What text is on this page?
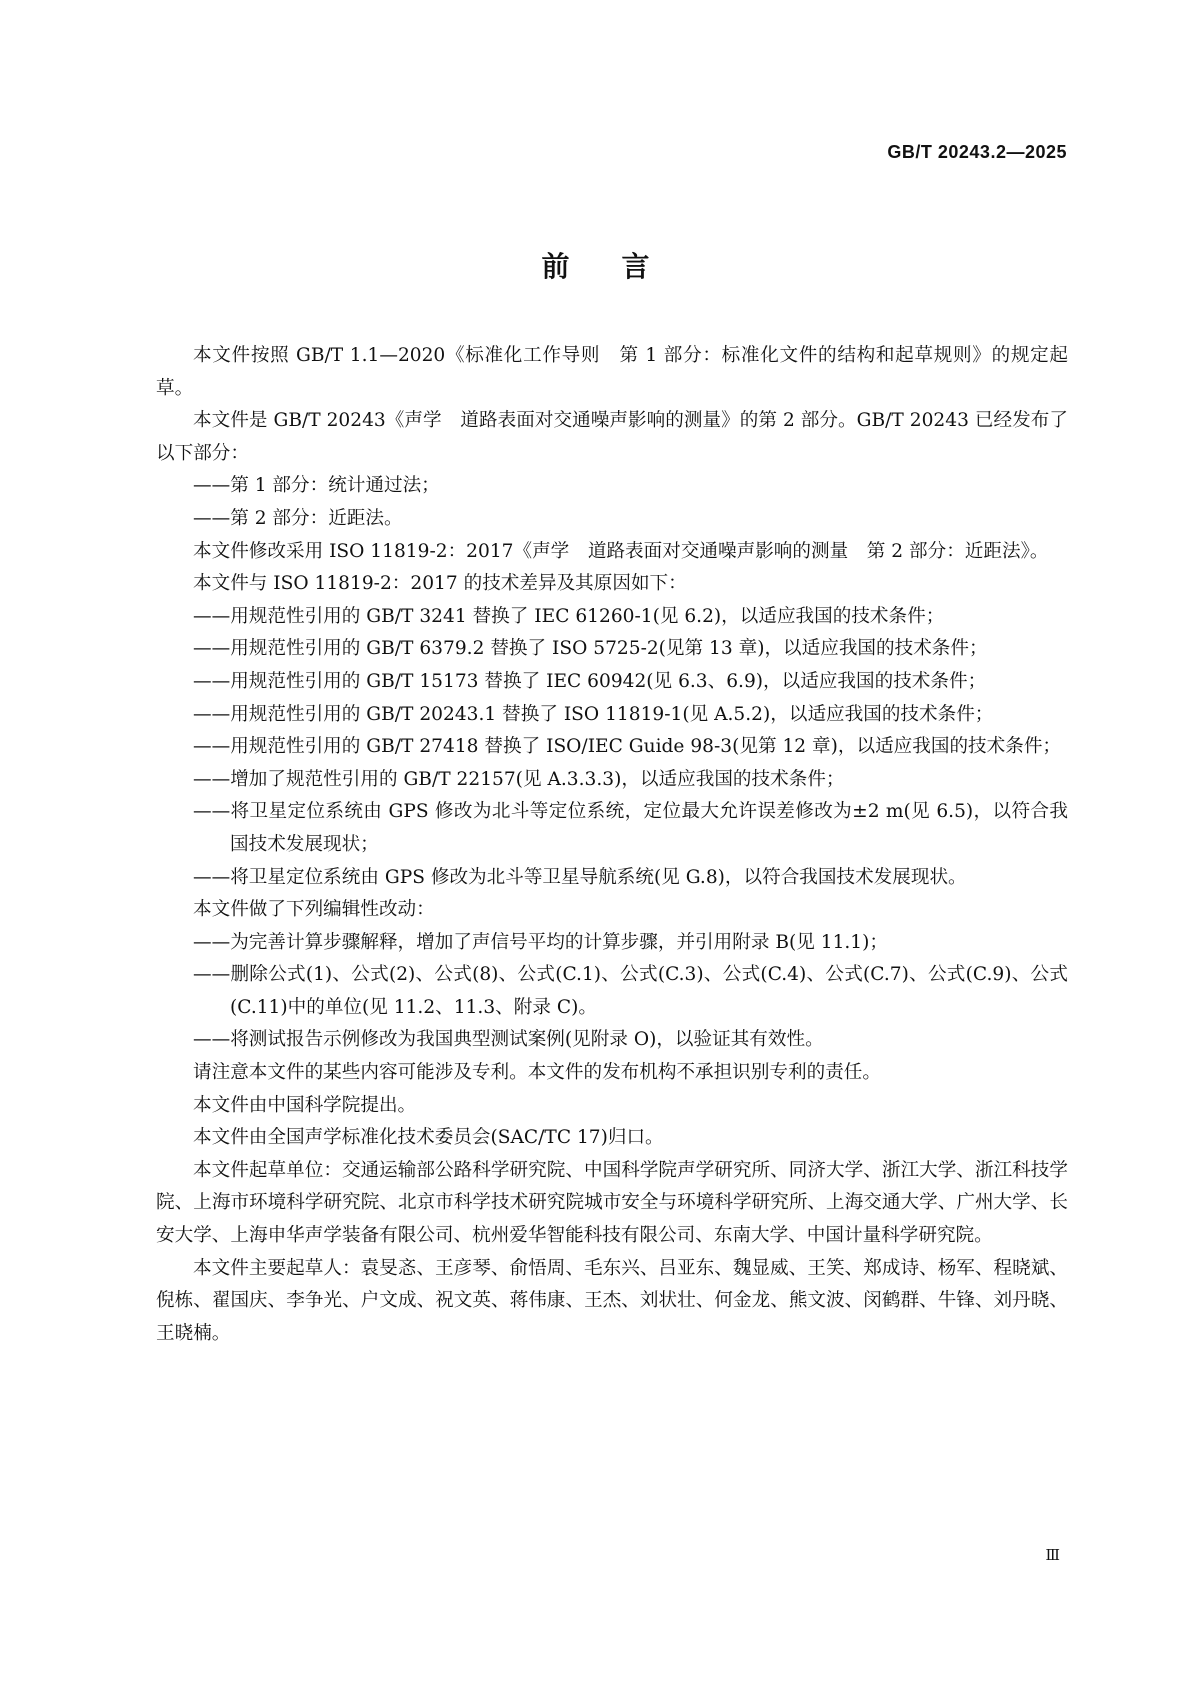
GB/T 20243.2—2025
前言
本文件按照 GB/T 1.1—2020《标准化工作导则　第 1 部分：标准化文件的结构和起草规则》的规定起草。
本文件是 GB/T 20243《声学　道路表面对交通噪声影响的测量》的第 2 部分。GB/T 20243 已经发布了以下部分：
——第 1 部分：统计通过法；
——第 2 部分：近距法。
本文件修改采用 ISO 11819-2：2017《声学　道路表面对交通噪声影响的测量　第 2 部分：近距法》。
本文件与 ISO 11819-2：2017 的技术差异及其原因如下：
——用规范性引用的 GB/T 3241 替换了 IEC 61260-1(见 6.2)，以适应我国的技术条件；
——用规范性引用的 GB/T 6379.2 替换了 ISO 5725-2(见第 13 章)，以适应我国的技术条件；
——用规范性引用的 GB/T 15173 替换了 IEC 60942(见 6.3、6.9)，以适应我国的技术条件；
——用规范性引用的 GB/T 20243.1 替换了 ISO 11819-1(见 A.5.2)，以适应我国的技术条件；
——用规范性引用的 GB/T 27418 替换了 ISO/IEC Guide 98-3(见第 12 章)，以适应我国的技术条件；
——增加了规范性引用的 GB/T 22157(见 A.3.3.3)，以适应我国的技术条件；
——将卫星定位系统由 GPS 修改为北斗等定位系统，定位最大允许误差修改为±2 m(见 6.5)，以符合我国技术发展现状；
——将卫星定位系统由 GPS 修改为北斗等卫星导航系统(见 G.8)，以符合我国技术发展现状。
本文件做了下列编辑性改动：
——为完善计算步骤解释，增加了声信号平均的计算步骤，并引用附录 B(见 11.1)；
——删除公式(1)、公式(2)、公式(8)、公式(C.1)、公式(C.3)、公式(C.4)、公式(C.7)、公式(C.9)、公式(C.11)中的单位(见 11.2、11.3、附录 C)。
——将测试报告示例修改为我国典型测试案例(见附录 O)，以验证其有效性。
请注意本文件的某些内容可能涉及专利。本文件的发布机构不承担识别专利的责任。
本文件由中国科学院提出。
本文件由全国声学标准化技术委员会(SAC/TC 17)归口。
本文件起草单位：交通运输部公路科学研究院、中国科学院声学研究所、同济大学、浙江大学、浙江科技学院、上海市环境科学研究院、北京市科学技术研究院城市安全与环境科学研究所、上海交通大学、广州大学、长安大学、上海申华声学装备有限公司、杭州爱华智能科技有限公司、东南大学、中国计量科学研究院。
本文件主要起草人：袁旻忞、王彦琴、俞悟周、毛东兴、吕亚东、魏显威、王笑、郑成诗、杨军、程晓斌、倪栋、翟国庆、李争光、户文成、祝文英、蒋伟康、王杰、刘状壮、何金龙、熊文波、闵鹤群、牛锋、刘丹晓、王晓楠。
Ⅲ
